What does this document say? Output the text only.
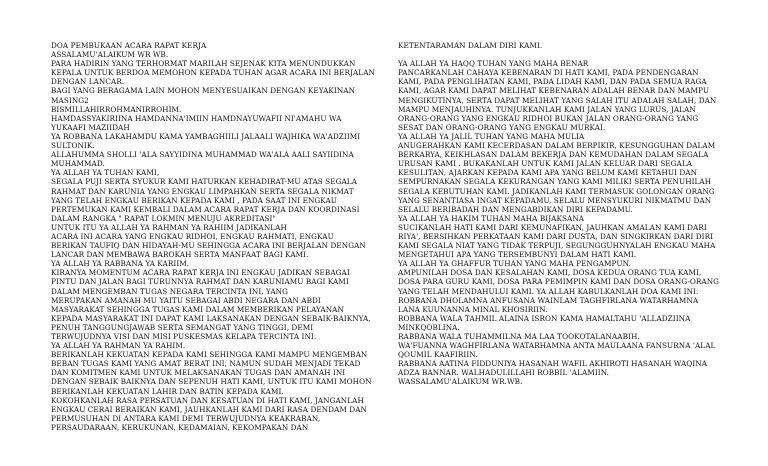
DOA PEMBUKAAN ACARA RAPAT KERJA
ASSALAMU'ALAIKUM WR WB.
PARA HADIRIN YANG TERHORMAT MARILAH SEJENAK KITA MENUNDUKKAN
KEPALA UNTUK BERDOA MEMOHON KEPADA TUHAN AGAR ACARA INI BERJALAN
DENGAN LANCAR.
BAGI YANG BERAGAMA LAIN MOHON MENYESUAIKAN DENGAN KEYAKINAN
MASING2
BISMILLAHIRROHMANIRROHIM.
HAMDASSYAKIRIINA HAMDANNA'IMIIN HAMDNAYUWAFII NI'AMAHU WA
YUKAAFI MAZIIDAH
YA ROBBANA LAKAHAMDU KAMA YAMBAGHIILI JALAALI WAJHIKA WA'ADZIIMI
SULTONIK.
ALLAHUMMA SHOLLI 'ALA SAYYIDINA MUHAMMAD WA'ALA AALI SAYIIDINA
MUHAMMAD.
YA ALLAH YA TUHAN KAMI,
SEGALA PUJI SERTA SYUKUR KAMI HATURKAN KEHADIRAT-MU ATAS SEGALA
RAHMAT DAN KARUNIA YANG ENGKAU LIMPAHKAN SERTA SEGALA NIKMAT
YANG TELAH ENGKAU BERIKAN KEPADA KAMI , PADA SAAT INI ENGKAU
PERTEMUKAN KAMI KEMBALI DALAM ACARA RAPAT KERJA DAN KOORDINASI
DALAM RANGKA " RAPAT LOKMIN MENUJU AKREDITASI"
UNTUK ITU YA ALLAH YA RAHMAN YA RAHIIM JADIKANLAH
ACARA INI ACARA YANG ENGKAU RIDHOI, ENGKAU RAHMATI, ENGKAU
BERIKAN TAUFIQ DAN HIDAYAH-MU SEHINGGA ACARA INI BERJALAN DENGAN
LANCAR DAN MEMBAWA BAROKAH SERTA MANFAAT BAGI KAMI.
YA ALLAH YA RABBANA YA KARIIM.
KIRANYA MOMENTUM ACARA RAPAT KERJA INI ENGKAU JADIKAN SEBAGAI
PINTU DAN JALAN BAGI TURUNNYA RAHMAT DAN KARUNIAMU BAGI KAMI
DALAM MENGEMBAN TUGAS NEGARA TERCINTA INI, YANG
MERUPAKAN AMANAH MU YAITU SEBAGAI ABDI NEGARA DAN ABDI
MASYARAKAT SEHINGGA TUGAS KAMI DALAM MEMBERIKAN PELAYANAN
KEPADA MASYARAKAT INI DAPAT KAMI LAKSANAKAN DENGAN SEBAIK-BAIKNYA,
PENUH TANGGUNGJAWAB SERTA SEMANGAT YANG TINGGI, DEMI
TERWUJUDNYA VISI DAN MISI PUSKESMAS KELAPA TERCINTA INI.
YA ALLAH YA RAHMAN YA RAHIM.
BERIKANLAH KEKUATAN KEPADA KAMI SEHINGGA KAMI MAMPU MENGEMBAN
BEBAN TUGAS KAMI YANG AMAT BERAT INI, NAMUN SUDAH MENJADI TEKAD
DAN KOMITMEN KAMI UNTUK MELAKSANAKAN TUGAS DAN AMANAH INI
DENGAN SEBAIK BAIKNYA DAN SEPENUH HATI KAMI, UNTUK ITU KAMI MOHON
BERIKANLAH KEKUATAN LAHIR DAN BATIN KEPADA KAMI.
KOKOHKANLAH RASA PERSATUAN DAN KESATUAN DI HATI KAMI, JANGANLAH
ENGKAU CERAI BERAIKAN KAMI, JAUHKANLAH KAMI DARI RASA DENDAM DAN
PERMUSUHAN DI ANTARA KAMI DEMI TERWUJUDNYA KEAKRABAN,
PERSAUDARAAN, KERUKUNAN, KEDAMAIAN, KEKOMPAKAN DAN
KETENTARAMAN DALAM DIRI KAMI.
YA ALLAH YA HAQQ TUHAN YANG MAHA BENAR
PANCARKANLAH CAHAYA KEBENARAN DI HATI KAMI, PADA PENDENGARAN
KAMI, PADA PENGLIHATAN KAMI, PADA LIDAH KAMI, DAN PADA SEMUA RAGA
KAMI, AGAR KAMI DAPAT MELIHAT KEBENARAN ADALAH BENAR DAN MAMPU
MENGIKUTINYA, SERTA DAPAT MELIHAT YANG SALAH ITU ADALAH SALAH, DAN
MAMPU MENJAUHINYA. TUNJUKKANLAH KAMI JALAN YANG LURUS, JALAN
ORANG-ORANG YANG ENGKAU RIDHOI BUKAN JALAN ORANG-ORANG YANG
SESAT DAN ORANG-ORANG YANG ENGKAU MURKAI.
YA ALLAH YA JALIL TUHAN YANG MAHA MULIA
ANUGERAHKAN KAMI KECERDASAN DALAM BERPIKIR, KESUNGGUHAN DALAM
BERKARYA, KEIKHLASAN DALAM BEKERJA DAN KEMUDAHAN DALAM SEGALA
URUSAN KAMI . BUKAKANLAH UNTUK KAMI JALAN KELUAR DARI SEGALA
KESULITAN, AJARKAN KEPADA KAMI APA YANG BELUM KAMI KETAHUI DAN
SEMPURNAKAN SEGALA KEKURANGAN YANG KAMI MILIKI SERTA PENUHILAH
SEGALA KEBUTUHAN KAMI. JADIKANLAH KAMI TERMASUK GOLONGAN ORANG
YANG SENANTIASA INGAT KEPADAMU, SELALU MENSYUKURI NIKMATMU DAN
SELALU BERIBADAH DAN MENGABDIKAN DIRI KEPADAMU.
YA ALLAH YA HAKIM TUHAN MAHA BIJAKSANA
SUCIKANLAH HATI KAMI DARI KEMUNAFIKAN, JAUHKAN AMALAN KAMI DARI
RIYA', BERSIHKAN PERKATAAN KAMI DARI DUSTA, DAN SINGKIRKAN DARI DIRI
KAMI SEGALA NIAT YANG TIDAK TERPUJI, SEGUNGGUHNYALAH ENGKAU MAHA
MENGETAHUI APA YANG TERSEMBUNYI DALAM HATI KAMI.
YA ALLAH YA GHAFFUR TUHAN YANG MAHA PENGAMPUN.
AMPUNILAH DOSA DAN KESALAHAN KAMI, DOSA KEDUA ORANG TUA KAMI,
DOSA PARA GURU KAMI, DOSA PARA PEMIMPIN KAMI DAN DOSA ORANG-ORANG
YANG TELAH MENDAHULUI KAMI. YA ALLAH KABULKANLAH DOA KAMI INI.
ROBBANA DHOLAMNA ANFUSANA WAINLAM TAGHFIRLANA WATARHAMNA
LANA KUUNANNA MINAL KHOSIRIIN.
ROBBANA WALA TAHMIL ALAINA ISRON KAMA HAMALTAHU 'ALLADZIINA
MINKQOBLINA.
RABBANA WALA TUHAMMILNA MA LAA TOOKOTALANAABIH.
WA'FUANNA WAGHFIRLANA WATARHAMNA ANTA MAULAANA FANSURNA 'ALAL
QOUMIL KAAFIRIIN.
RABBANA AATINA FIDDUNIYA HASANAH WAFIL AKHIROTI HASANAH WAQINA
ADZA BANNAR. WALHADULILLAHI ROBBIL 'ALAMIIN.
WASSALAMU'ALAIKUM WR.WB.
